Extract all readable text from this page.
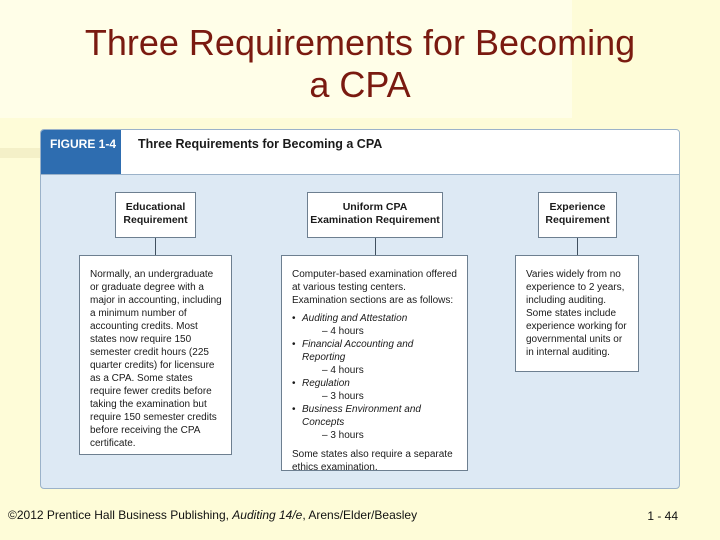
Three Requirements for Becoming
a CPA
FIGURE 1-4	Three Requirements for Becoming a CPA
Educational
Requirement

Normally, an undergraduate or graduate degree with a major in accounting, including a minimum number of accounting credits. Most states now require 150 semester credit hours (225 quarter credits) for licensure as a CPA. Some states require fewer credits before taking the examination but require 150 semester credits before receiving the CPA certificate.

Uniform CPA
Examination Requirement

Computer-based examination offered at various testing centers. Examination sections are as follows:

• Auditing and Attestation
– 4 hours
• Financial Accounting and Reporting
– 4 hours
• Regulation
– 3 hours
• Business Environment and Concepts
– 3 hours

Some states also require a separate ethics examination.

Experience
Requirement

Varies widely from no experience to 2 years, including auditing. Some states include experience working for governmental units or in internal auditing.

©2012 Prentice Hall Business Publishing, Auditing 14/e, Arens/Elder/Beasley	1 - 44
